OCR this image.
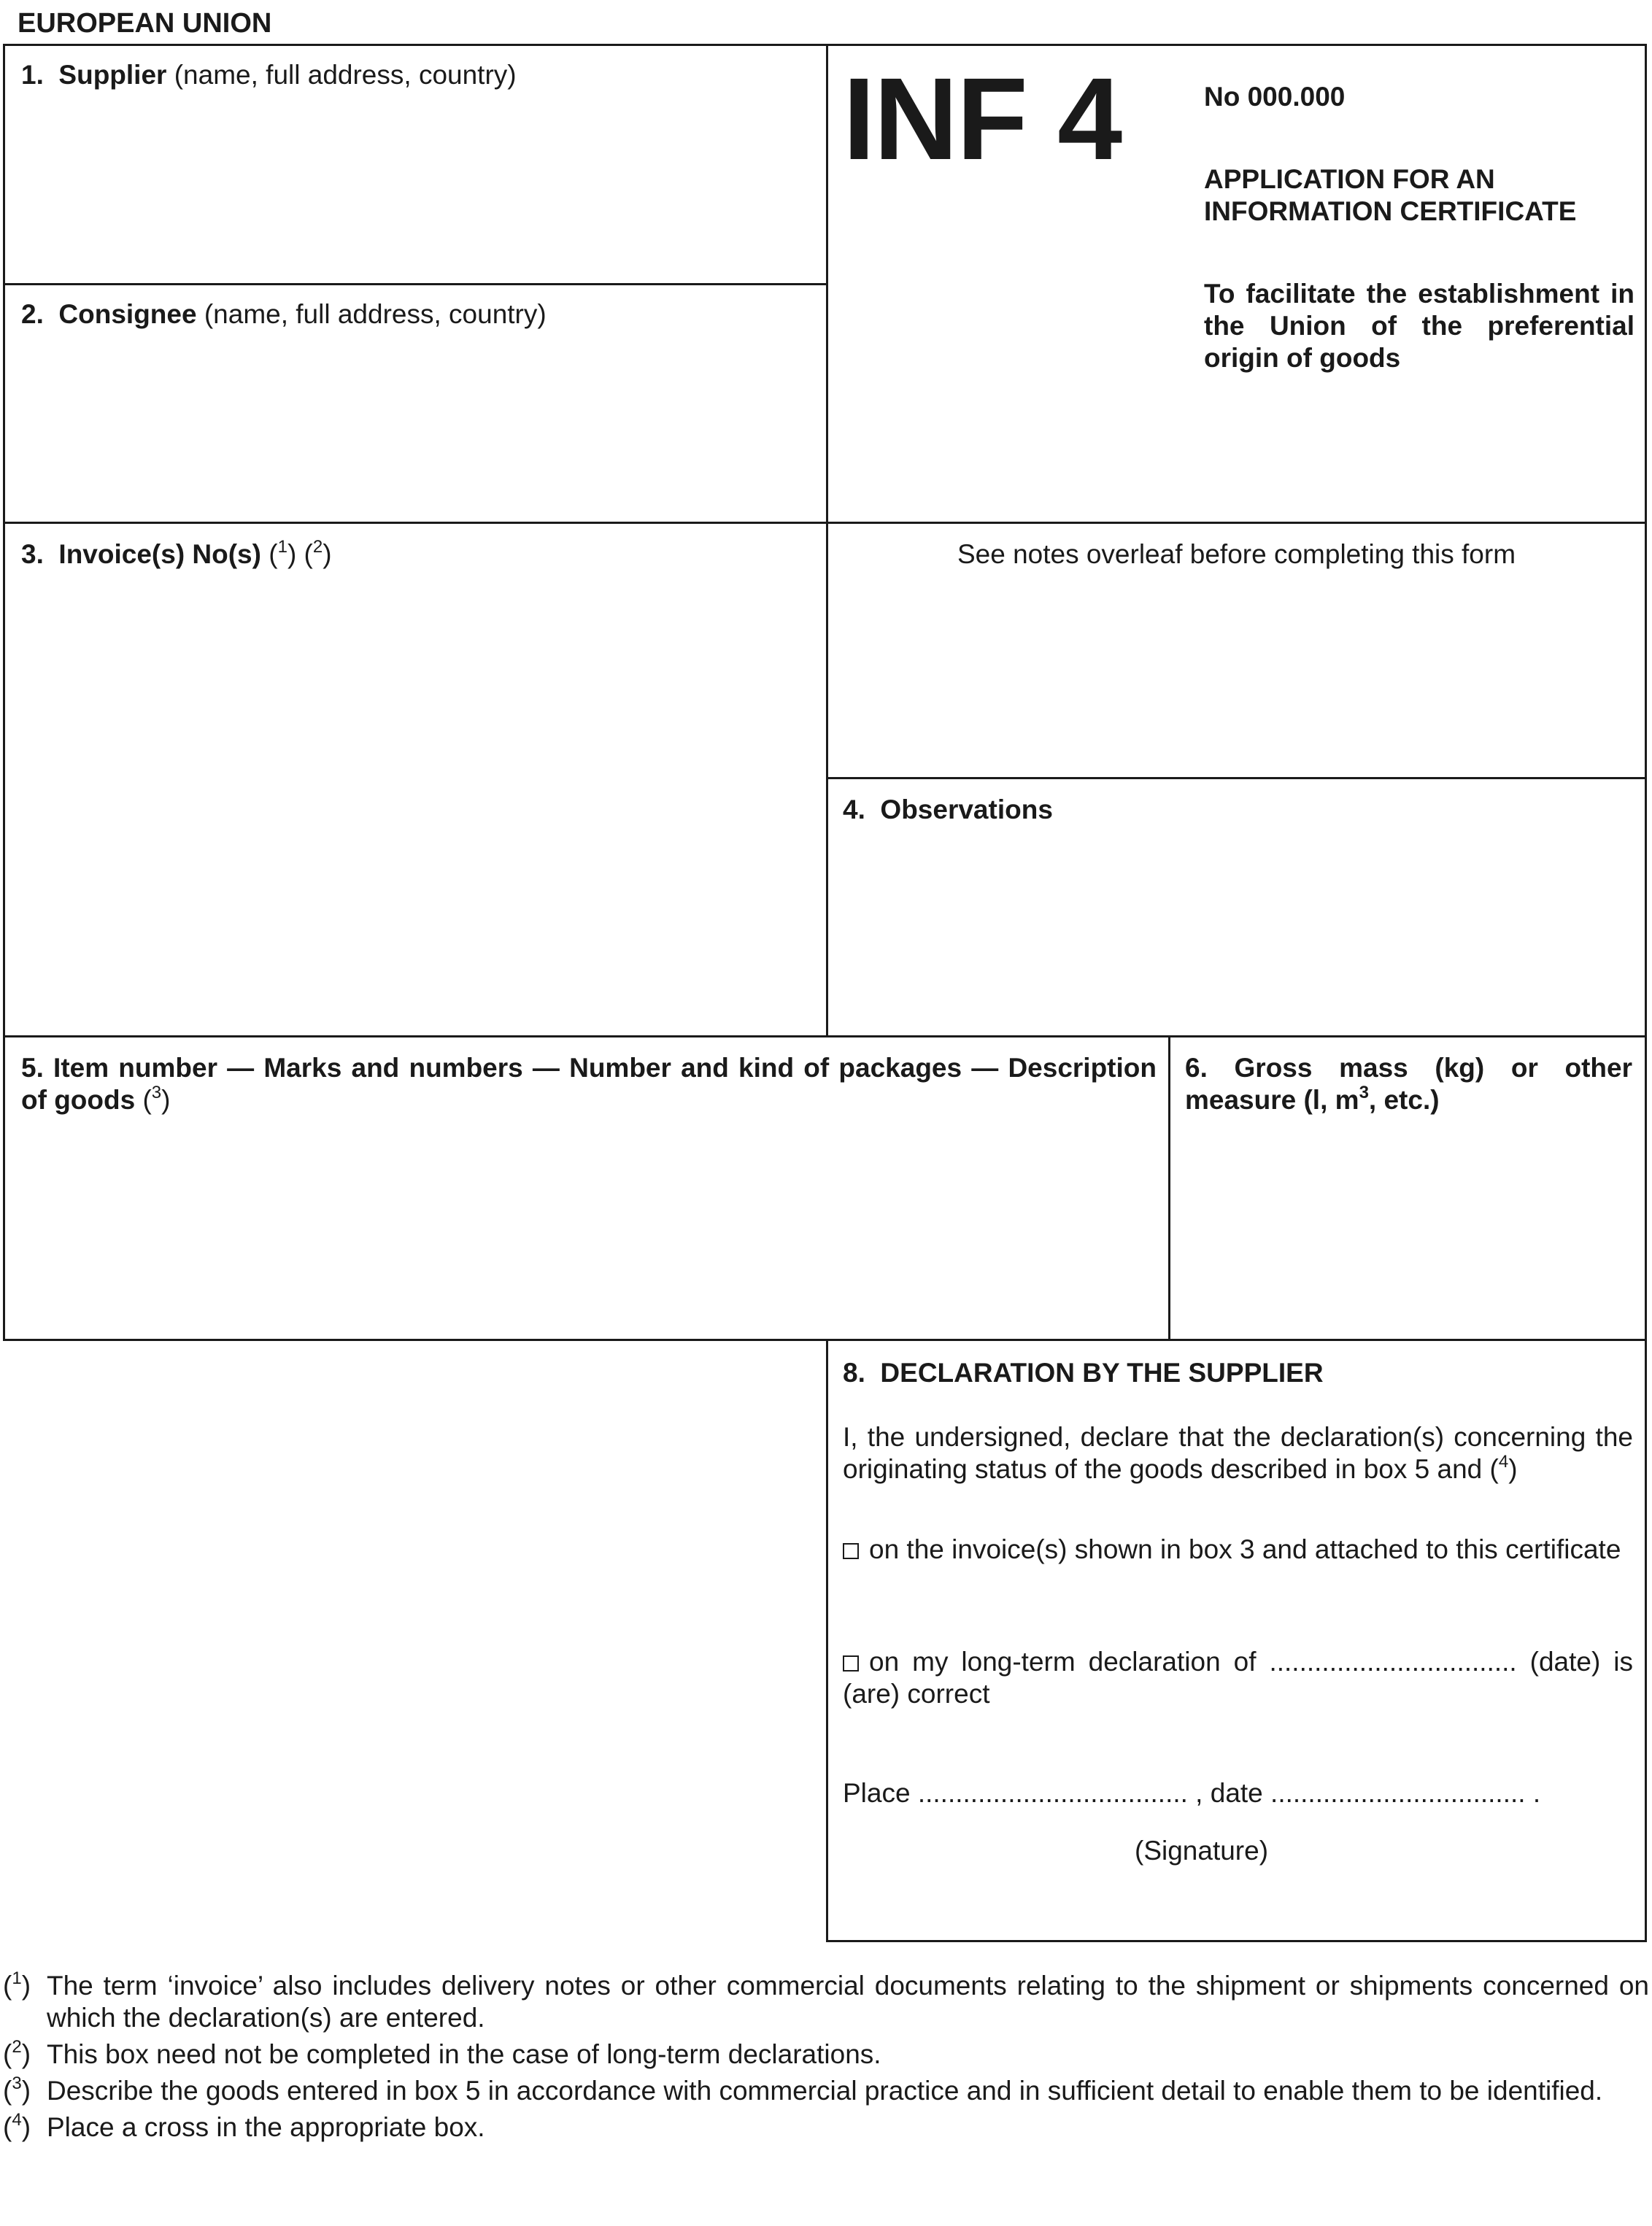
EUROPEAN UNION
1. Supplier (name, full address, country)
2. Consignee (name, full address, country)
INF 4	No 000.000
APPLICATION FOR AN INFORMATION CERTIFICATE
To facilitate the establishment in the Union of the preferential origin of goods
3. Invoice(s) No(s) ($^1$) ($^2$)	See notes overleaf before completing this form
4. Observations
5. Item number — Marks and numbers — Number and kind of packages — Description of goods ($^3$)
6. Gross mass (kg) or other measure (l, $m^3$, etc.)
8. DECLARATION BY THE SUPPLIER
I, the undersigned, declare that the declaration(s) concerning the originating status of the goods described in box 5 and ($^4$)
on the invoice(s) shown in box 3 and attached to this certificate
on my long-term declaration of ................................. (date) is (are) correct
Place .................................... , date .................................. .
(Signature)
($^1$) The term ‘invoice’ also includes delivery notes or other commercial documents relating to the shipment or shipments concerned on which the declaration(s) are entered.
($^2$) This box need not be completed in the case of long-term declarations.
($^3$) Describe the goods entered in box 5 in accordance with commercial practice and in sufficient detail to enable them to be identified.
($^4$) Place a cross in the appropriate box.
